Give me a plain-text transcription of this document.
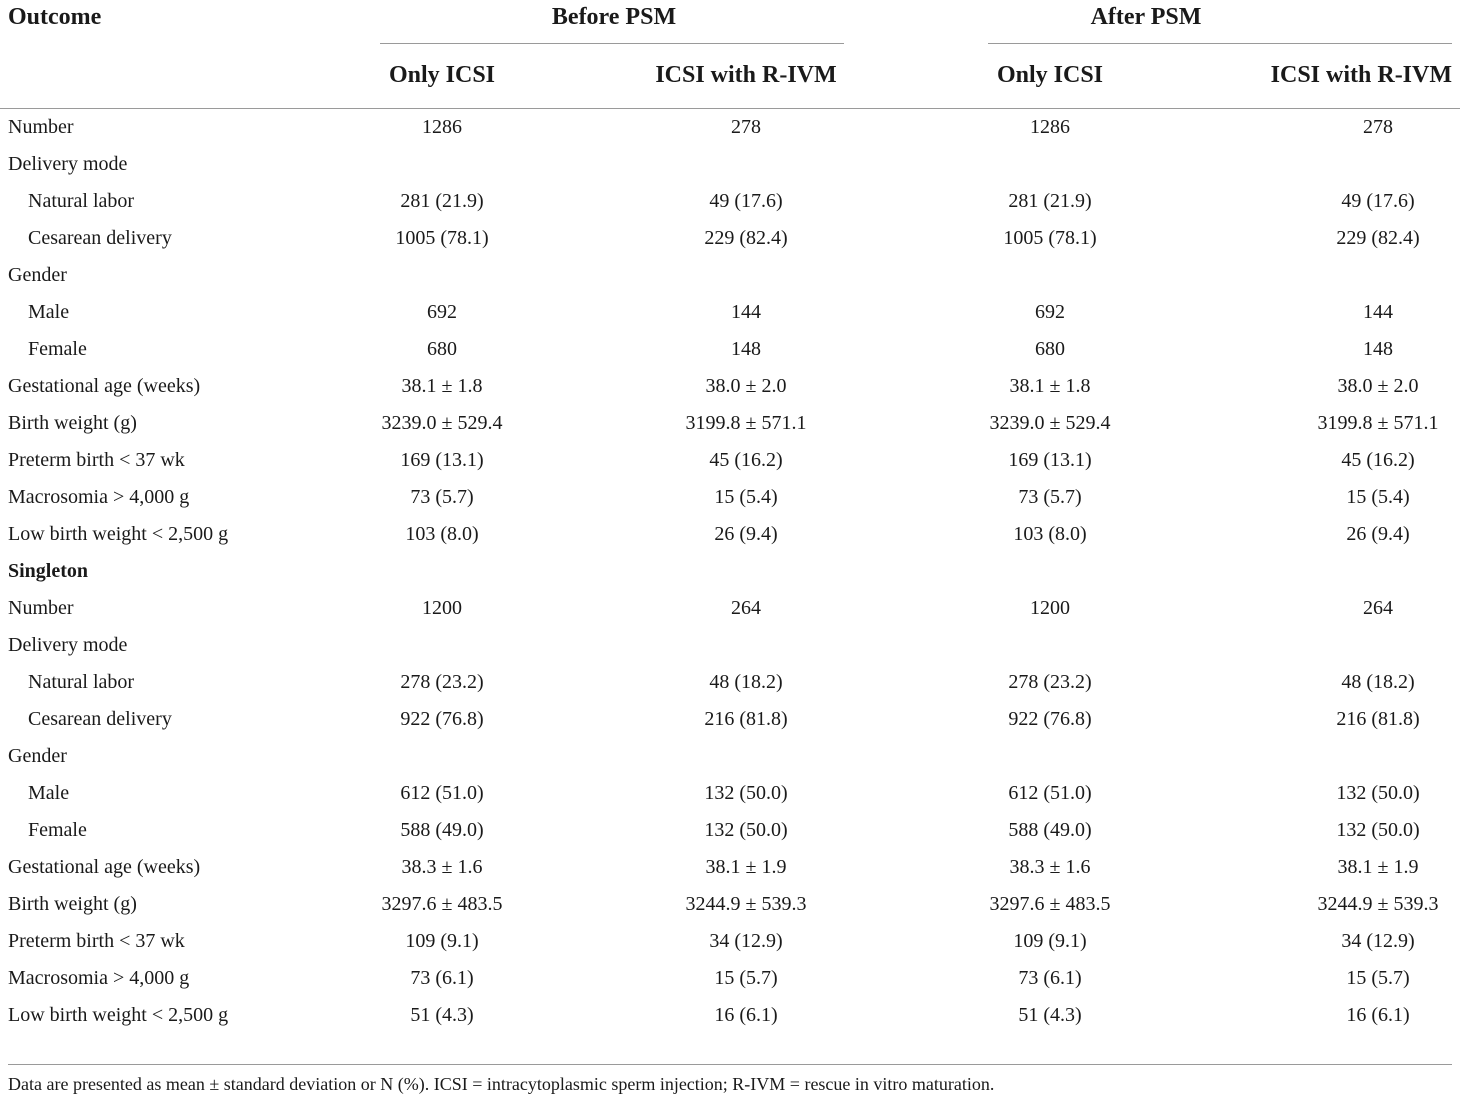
Outcome	Before PSM	After PSM

	Only ICSI	ICSI with R-IVM	Only ICSI	ICSI with R-IVM
Number	1286	278	1286	278
Delivery mode				
Natural labor	281 (21.9)	49 (17.6)	281 (21.9)	49 (17.6)
Cesarean delivery	1005 (78.1)	229 (82.4)	1005 (78.1)	229 (82.4)
Gender				
Male	692	144	692	144
Female	680	148	680	148
Gestational age (weeks)	38.1 ± 1.8	38.0 ± 2.0	38.1 ± 1.8	38.0 ± 2.0
Birth weight (g)	3239.0 ± 529.4	3199.8 ± 571.1	3239.0 ± 529.4	3199.8 ± 571.1
Preterm birth < 37 wk	169 (13.1)	45 (16.2)	169 (13.1)	45 (16.2)
Macrosomia > 4,000 g	73 (5.7)	15 (5.4)	73 (5.7)	15 (5.4)
Low birth weight < 2,500 g	103 (8.0)	26 (9.4)	103 (8.0)	26 (9.4)
Singleton				
Number	1200	264	1200	264
Delivery mode				
Natural labor	278 (23.2)	48 (18.2)	278 (23.2)	48 (18.2)
Cesarean delivery	922 (76.8)	216 (81.8)	922 (76.8)	216 (81.8)
Gender				
Male	612 (51.0)	132 (50.0)	612 (51.0)	132 (50.0)
Female	588 (49.0)	132 (50.0)	588 (49.0)	132 (50.0)
Gestational age (weeks)	38.3 ± 1.6	38.1 ± 1.9	38.3 ± 1.6	38.1 ± 1.9
Birth weight (g)	3297.6 ± 483.5	3244.9 ± 539.3	3297.6 ± 483.5	3244.9 ± 539.3
Preterm birth < 37 wk	109 (9.1)	34 (12.9)	109 (9.1)	34 (12.9)
Macrosomia > 4,000 g	73 (6.1)	15 (5.7)	73 (6.1)	15 (5.7)
Low birth weight < 2,500 g	51 (4.3)	16 (6.1)	51 (4.3)	16 (6.1)
Data are presented as mean ± standard deviation or N (%). ICSI = intracytoplasmic sperm injection; R-IVM = rescue in vitro maturation.
